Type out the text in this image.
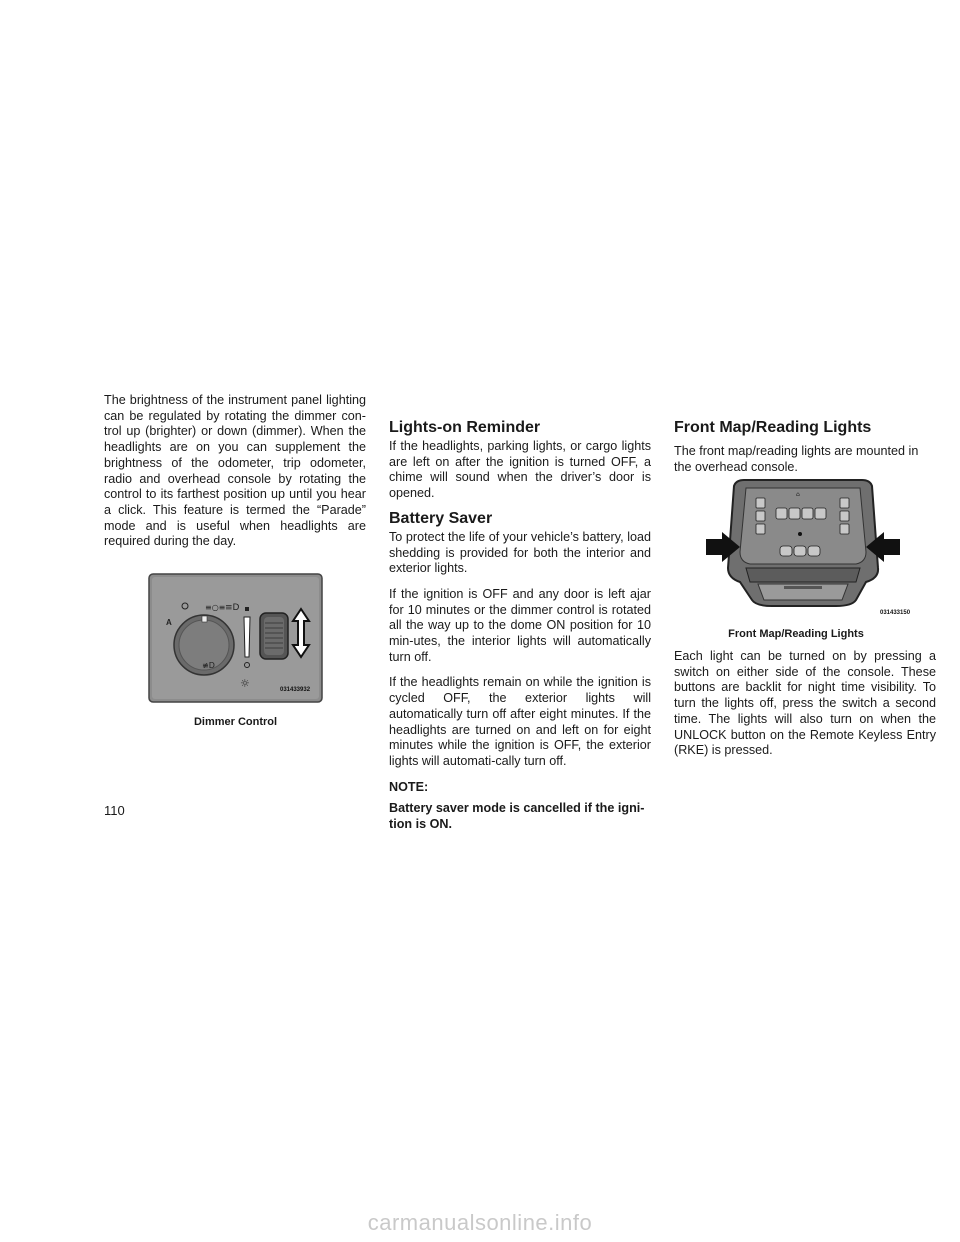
The brightness of the instrument panel lighting can be regulated by rotating the dimmer con-trol up (brighter) or down (dimmer). When the headlights are on you can supplement the brightness of the odometer, trip odometer, radio and overhead console by rotating the control to its farthest position up until you hear a click. This feature is termed the “Parade” mode and is useful when headlights are required during the day.

≡○≡ ≡D
A
≢D
☼	031433932
Dimmer Control
Lights-on Reminder

If the headlights, parking lights, or cargo lights are left on after the ignition is turned OFF, a chime will sound when the driver’s door is opened.

Battery Saver

To protect the life of your vehicle’s battery, load shedding is provided for both the interior and exterior lights.

If the ignition is OFF and any door is left ajar for 10 minutes or the dimmer control is rotated all the way up to the dome ON position for 10 min-utes, the interior lights will automatically turn off.

If the headlights remain on while the ignition is cycled OFF, the exterior lights will automatically turn off after eight minutes. If the headlights are turned on and left on for eight minutes while the ignition is OFF, the exterior lights will automati-cally turn off.

NOTE:

Battery saver mode is cancelled if the igni-tion is ON.

Front Map/Reading Lights

The front map/reading lights are mounted in the overhead console.

⌂
031433150
Front Map/Reading Lights

Each light can be turned on by pressing a switch on either side of the console. These buttons are backlit for night time visibility. To turn the lights off, press the switch a second time. The lights will also turn on when the UNLOCK button on the Remote Keyless Entry (RKE) is pressed.

110
carmanualsonline.info
